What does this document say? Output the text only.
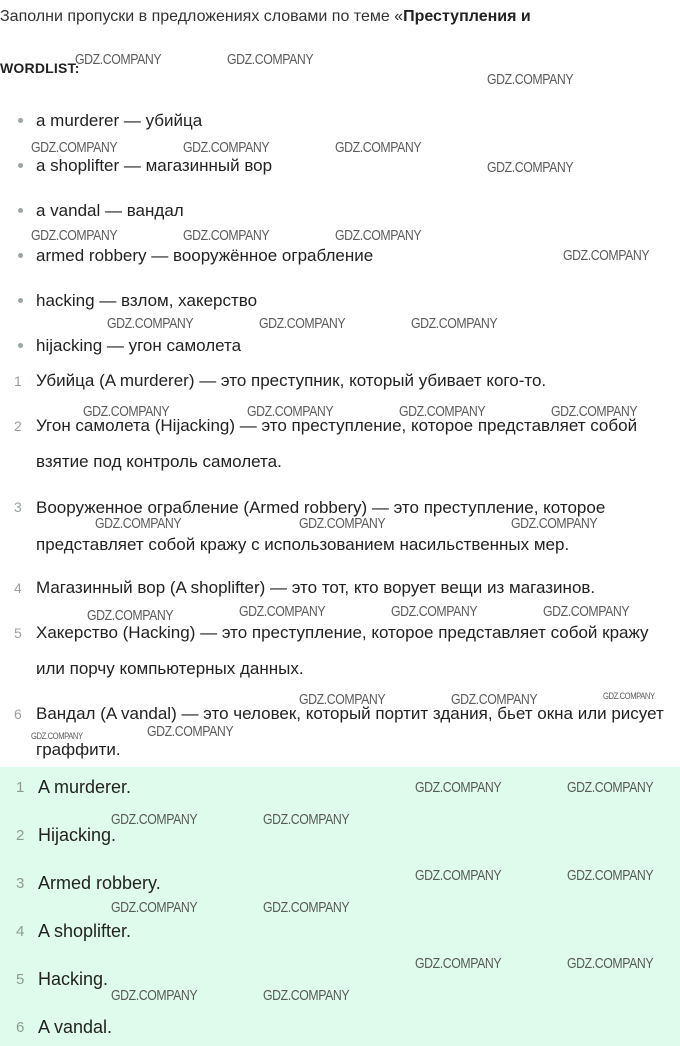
Заполни пропуски в предложениях словами по теме «Преступления и
WORDLIST:
a murderer — убийца
a shoplifter — магазинный вор
a vandal — вандал
armed robbery — вооружённое ограбление
hacking — взлом, хакерство
hijacking — угон самолета
1 Убийца (A murderer) — это преступник, который убивает кого-то.
2 Угон самолета (Hijacking) — это преступление, которое представляет собой взятие под контроль самолета.
3 Вооруженное ограбление (Armed robbery) — это преступление, которое представляет собой кражу с использованием насильственных мер.
4 Магазинный вор (A shoplifter) — это тот, кто ворует вещи из магазинов.
5 Хакерство (Hacking) — это преступление, которое представляет собой кражу или порчу компьютерных данных.
6 Вандал (A vandal) — это человек, который портит здания, бьет окна или рисует граффити.
1 A murderer.
2 Hijacking.
3 Armed robbery.
4 A shoplifter.
5 Hacking.
6 A vandal.
GDZ.COMPANY	GDZ.COMPANY
GDZ.COMPANY
GDZ.COMPANY	GDZ.COMPANY	GDZ.COMPANY
GDZ.COMPANY
GDZ.COMPANY	GDZ.COMPANY	GDZ.COMPANY
GDZ.COMPANY
GDZ.COMPANY	GDZ.COMPANY	GDZ.COMPANY
GDZ.COMPANY	GDZ.COMPANY	GDZ.COMPANY	GDZ.COMPANY
GDZ.COMPANY	GDZ.COMPANY	GDZ.COMPANY
GDZ.COMPANY	GDZ.COMPANY	GDZ.COMPANY	GDZ.COMPANY
GDZ.COMPANY	GDZ.COMPANY	GDZ.COMPANY
GDZ.COMPANY
GDZ.COMPANY
GDZ.COMPANY	GDZ.COMPANY
GDZ.COMPANY	GDZ.COMPANY
GDZ.COMPANY	GDZ.COMPANY
GDZ.COMPANY	GDZ.COMPANY
GDZ.COMPANY	GDZ.COMPANY
GDZ.COMPANY	GDZ.COMPANY
